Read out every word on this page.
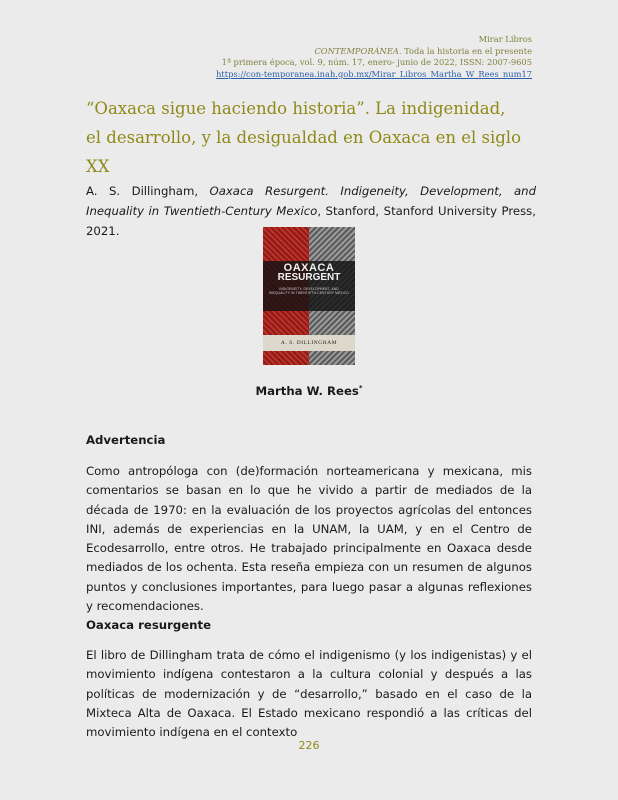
Mirar Libros
CONTEMPORÁNEA. Toda la historia en el presente
1ª primera época, vol. 9, núm. 17, enero- junio de 2022, ISSN: 2007-9605
https://con-temporanea.inah.gob.mx/Mirar_Libros_Martha_W_Rees_num17
“Oaxaca sigue haciendo historia”. La indigenidad,
el desarrollo, y la desigualdad en Oaxaca en el siglo XX

A. S. Dillingham, Oaxaca Resurgent. Indigeneity, Development, and Inequality in Twentieth-Century Mexico, Stanford, Stanford University Press, 2021.

OAXACA
RESURGENT
INDIGENEITY, DEVELOPMENT, AND INEQUALITY IN TWENTIETH-CENTURY MEXICO
A. S. DILLINGHAM

Martha W. Rees*

Advertencia

Como antropóloga con (de)formación norteamericana y mexicana, mis comentarios se basan en lo que he vivido a partir de mediados de la década de 1970: en la evaluación de los proyectos agrícolas del entonces INI, además de experiencias en la UNAM, la UAM, y en el Centro de Ecodesarrollo, entre otros. He trabajado principalmente en Oaxaca desde mediados de los ochenta. Esta reseña empieza con un resumen de algunos puntos y conclusiones importantes, para luego pasar a algunas reflexiones y recomendaciones.

Oaxaca resurgente

El libro de Dillingham trata de cómo el indigenismo (y los indigenistas) y el movimiento indígena contestaron a la cultura colonial y después a las políticas de modernización y de “desarrollo,” basado en el caso de la Mixteca Alta de Oaxaca. El Estado mexicano respondió a las críticas del movimiento indígena en el contexto

226
